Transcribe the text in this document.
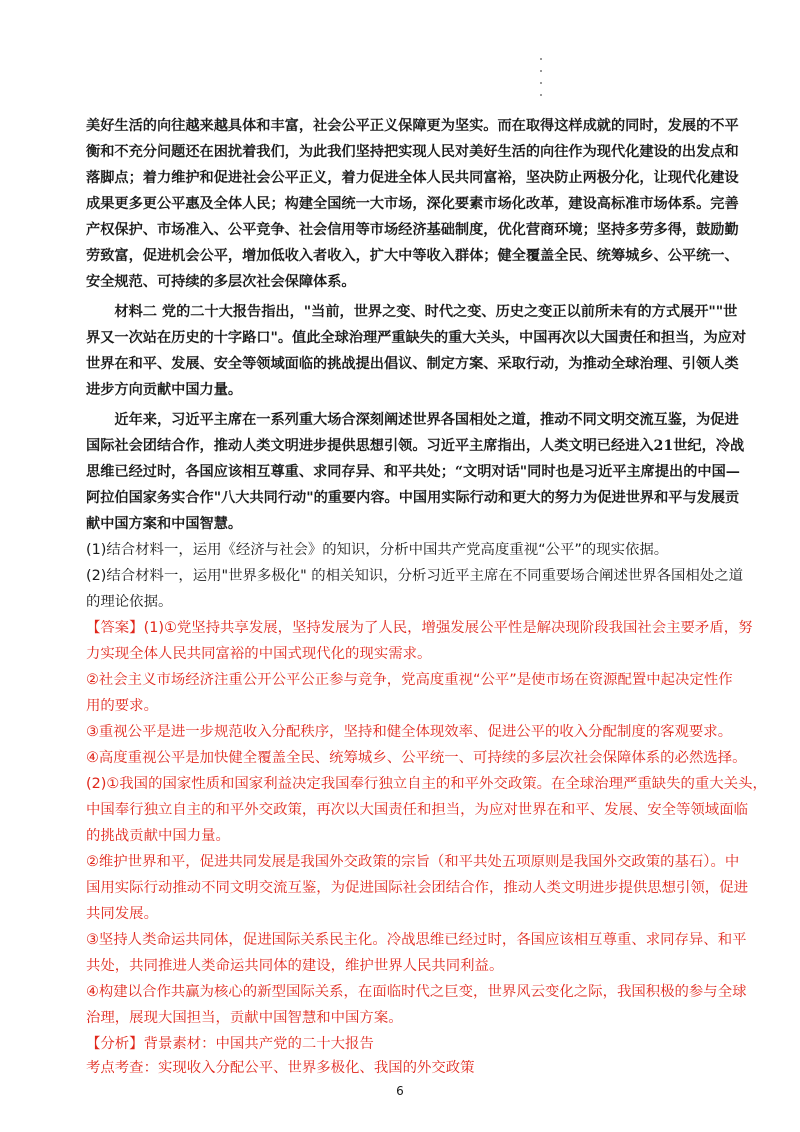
美好生活的向往越来越具体和丰富，社会公平正义保障更为坚实。而在取得这样成就的同时，发展的不平
衡和不充分问题还在困扰着我们，为此我们坚持把实现人民对美好生活的向往作为现代化建设的出发点和
落脚点；着力维护和促进社会公平正义，着力促进全体人民共同富裕，坚决防止两极分化，让现代化建设
成果更多更公平惠及全体人民；构建全国统一大市场，深化要素市场化改革，建设高标准市场体系。完善
产权保护、市场准入、公平竞争、社会信用等市场经济基础制度，优化营商环境；坚持多劳多得，鼓励勤
劳致富，促进机会公平，增加低收入者收入，扩大中等收入群体；健全覆盖全民、统筹城乡、公平统一、
安全规范、可持续的多层次社会保障体系。
　　材料二 党的二十大报告指出，"当前，世界之变、时代之变、历史之变正以前所未有的方式展开""世
界又一次站在历史的十字路口"。值此全球治理严重缺失的重大关头，中国再次以大国责任和担当，为应对
世界在和平、发展、安全等领域面临的挑战提出倡议、制定方案、采取行动，为推动全球治理、引领人类
进步方向贡献中国力量。
　　近年来，习近平主席在一系列重大场合深刻阐述世界各国相处之道，推动不同文明交流互鉴，为促进
国际社会团结合作，推动人类文明进步提供思想引领。习近平主席指出，人类文明已经进入21世纪，冷战
思维已经过时，各国应该相互尊重、求同存异、和平共处；“文明对话"同时也是习近平主席提出的中国—
阿拉伯国家务实合作"八大共同行动"的重要内容。中国用实际行动和更大的努力为促进世界和平与发展贡
献中国方案和中国智慧。
(1)结合材料一，运用《经济与社会》的知识，分析中国共产党高度重视“公平”的现实依据。
(2)结合材料一，运用"世界多极化" 的相关知识，分析习近平主席在不同重要场合阐述世界各国相处之道
的理论依据。
【答案】(1)①党坚持共享发展，坚持发展为了人民，增强发展公平性是解决现阶段我国社会主要矛盾，努
力实现全体人民共同富裕的中国式现代化的现实需求。
②社会主义市场经济注重公开公平公正参与竞争，党高度重视“公平”是使市场在资源配置中起决定性作
用的要求。
③重视公平是进一步规范收入分配秩序，坚持和健全体现效率、促进公平的收入分配制度的客观要求。
④高度重视公平是加快健全覆盖全民、统筹城乡、公平统一、可持续的多层次社会保障体系的必然选择。
(2)①我国的国家性质和国家利益决定我国奉行独立自主的和平外交政策。在全球治理严重缺失的重大关头，
中国奉行独立自主的和平外交政策，再次以大国责任和担当，为应对世界在和平、发展、安全等领域面临
的挑战贡献中国力量。
②维护世界和平，促进共同发展是我国外交政策的宗旨（和平共处五项原则是我国外交政策的基石）。中
国用实际行动推动不同文明交流互鉴，为促进国际社会团结合作，推动人类文明进步提供思想引领，促进
共同发展。
③坚持人类命运共同体，促进国际关系民主化。冷战思维已经过时，各国应该相互尊重、求同存异、和平
共处，共同推进人类命运共同体的建设，维护世界人民共同利益。
④构建以合作共赢为核心的新型国际关系，在面临时代之巨变，世界风云变化之际，我国积极的参与全球
治理，展现大国担当，贡献中国智慧和中国方案。
【分析】背景素材：中国共产党的二十大报告
考点考查：实现收入分配公平、世界多极化、我国的外交政策
6
